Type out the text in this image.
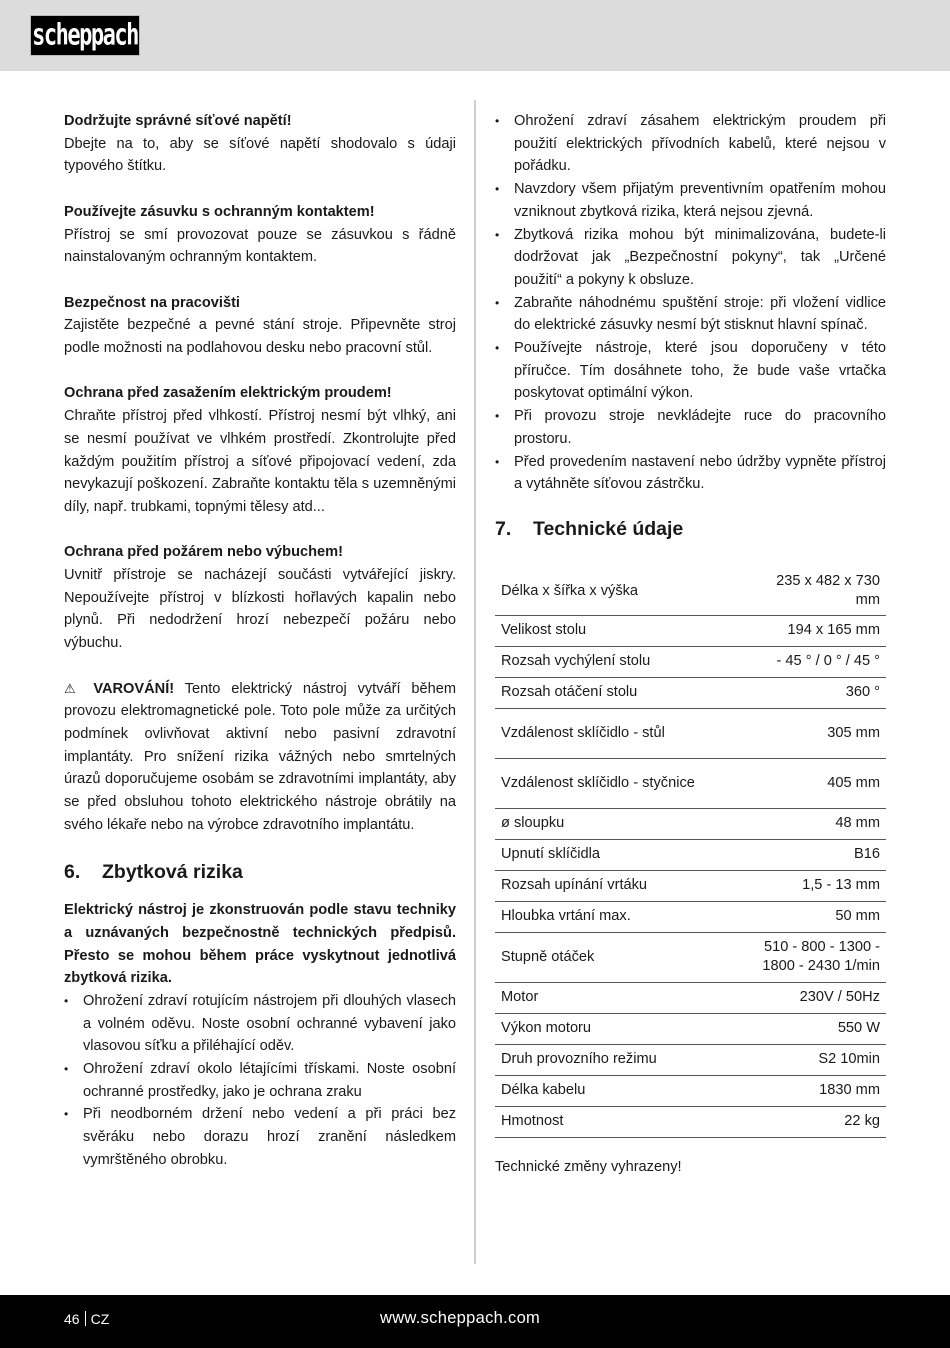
scheppach
Dodržujte správné síťové napětí!
Dbejte na to, aby se síťové napětí shodovalo s údaji typového štítku.
Používejte zásuvku s ochranným kontaktem!
Přístroj se smí provozovat pouze se zásuvkou s řádně nainstalovaným ochranným kontaktem.
Bezpečnost na pracovišti
Zajistěte bezpečné a pevné stání stroje. Připevněte stroj podle možnosti na podlahovou desku nebo pracovní stůl.
Ochrana před zasažením elektrickým proudem!
Chraňte přístroj před vlhkostí. Přístroj nesmí být vlhký, ani se nesmí používat ve vlhkém prostředí. Zkontrolujte před každým použitím přístroj a síťové připojovací vedení, zda nevykazují poškození. Zabraňte kontaktu těla s uzemněnými díly, např. trubkami, topnými tělesy atd...
Ochrana před požárem nebo výbuchem!
Uvnitř přístroje se nacházejí součásti vytvářející jiskry. Nepoužívejte přístroj v blízkosti hořlavých kapalin nebo plynů. Při nedodržení hrozí nebezpečí požáru nebo výbuchu.
⚠ VAROVÁNÍ! Tento elektrický nástroj vytváří během provozu elektromagnetické pole. Toto pole může za určitých podmínek ovlivňovat aktivní nebo pasivní zdravotní implantáty. Pro snížení rizika vážných nebo smrtelných úrazů doporučujeme osobám se zdravotními implantáty, aby se před obsluhou tohoto elektrického nástroje obrátily na svého lékaře nebo na výrobce zdravotního implantátu.
6.	Zbytková rizika
Elektrický nástroj je zkonstruován podle stavu techniky a uznávaných bezpečnostně technických předpisů. Přesto se mohou během práce vyskytnout jednotlivá zbytková rizika.
• Ohrožení zdraví rotujícím nástrojem při dlouhých vlasech a volném oděvu. Noste osobní ochranné vybavení jako vlasovou síťku a přiléhající oděv.
• Ohrožení zdraví okolo létajícími třískami. Noste osobní ochranné prostředky, jako je ochrana zraku
• Při neodborném držení nebo vedení a při práci bez svěráku nebo dorazu hrozí zranění následkem vymrštěného obrobku.
• Ohrožení zdraví zásahem elektrickým proudem při použití elektrických přívodních kabelů, které nejsou v pořádku.
• Navzdory všem přijatým preventivním opatřením mohou vzniknout zbytková rizika, která nejsou zjevná.
• Zbytková rizika mohou být minimalizována, budete-li dodržovat jak „Bezpečnostní pokyny“, tak „Určené použití“ a pokyny k obsluze.
• Zabraňte náhodnému spuštění stroje: při vložení vidlice do elektrické zásuvky nesmí být stisknut hlavní spínač.
• Používejte nástroje, které jsou doporučeny v této příručce. Tím dosáhnete toho, že bude vaše vrtačka poskytovat optimální výkon.
• Při provozu stroje nevkládejte ruce do pracovního prostoru.
• Před provedením nastavení nebo údržby vypněte přístroj a vytáhněte síťovou zástrčku.
7.	Technické údaje
Délka x šířka x výška	235 x 482 x 730 mm
Velikost stolu	194 x 165 mm
Rozsah vychýlení stolu	- 45 ° / 0 ° / 45 °
Rozsah otáčení stolu	360 °
Vzdálenost sklíčidlo - stůl	305 mm
Vzdálenost sklíčidlo - styčnice	405 mm
ø sloupku	48 mm
Upnutí sklíčidla	B16
Rozsah upínání vrtáku	1,5 - 13 mm
Hloubka vrtání max.	50 mm
Stupně otáček	510 - 800 - 1300 - 1800 - 2430 1/min
Motor	230V / 50Hz
Výkon motoru	550 W
Druh provozního režimu	S2 10min
Délka kabelu	1830 mm
Hmotnost	22 kg
Technické změny vyhrazeny!
46 CZ	www.scheppach.com
